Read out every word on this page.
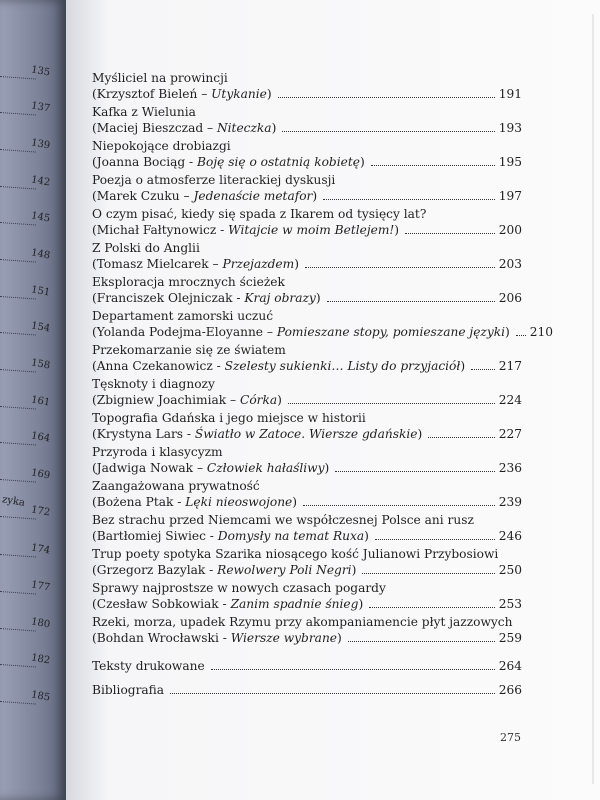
135
137
139
142
145
148
151
154
158
161
164
169
zyka
172
174
177
180
182
185
Myśliciel na prowincji
(Krzysztof Bieleń – Utykanie)	191
Kafka z Wielunia
(Maciej Bieszczad – Niteczka)	193
Niepokojące drobiazgi
(Joanna Bociąg - Boję się o ostatnią kobietę)	195
Poezja o atmosferze literackiej dyskusji
(Marek Czuku – Jedenaście metafor)	197
O czym pisać, kiedy się spada z Ikarem od tysięcy lat?
(Michał Fałtynowicz - Witajcie w moim Betlejem!)	200
Z Polski do Anglii
(Tomasz Mielcarek – Przejazdem)	203
Eksploracja mrocznych ścieżek
(Franciszek Olejniczak - Kraj obrazy)	206
Departament zamorski uczuć
(Yolanda Podejma-Eloyanne – Pomieszane stopy, pomieszane języki) 210
Przekomarzanie się ze światem
(Anna Czekanowicz - Szelesty sukienki… Listy do przyjaciół)	217
Tęsknoty i diagnozy
(Zbigniew Joachimiak – Córka)	224
Topografia Gdańska i jego miejsce w historii
(Krystyna Lars - Światło w Zatoce. Wiersze gdańskie)	227
Przyroda i klasycyzm
(Jadwiga Nowak – Człowiek hałaśliwy)	236
Zaangażowana prywatność
(Bożena Ptak - Lęki nieoswojone)	239
Bez strachu przed Niemcami we współczesnej Polsce ani rusz
(Bartłomiej Siwiec - Domysły na temat Ruxa)	246
Trup poety spotyka Szarika niosącego kość Julianowi Przybosiowi
(Grzegorz Bazylak - Rewolwery Poli Negri)	250
Sprawy najprostsze w nowych czasach pogardy
(Czesław Sobkowiak - Zanim spadnie śnieg)	253
Rzeki, morza, upadek Rzymu przy akompaniamencie płyt jazzowych
(Bohdan Wrocławski - Wiersze wybrane)	259
Teksty drukowane	264
Bibliografia	266
275
